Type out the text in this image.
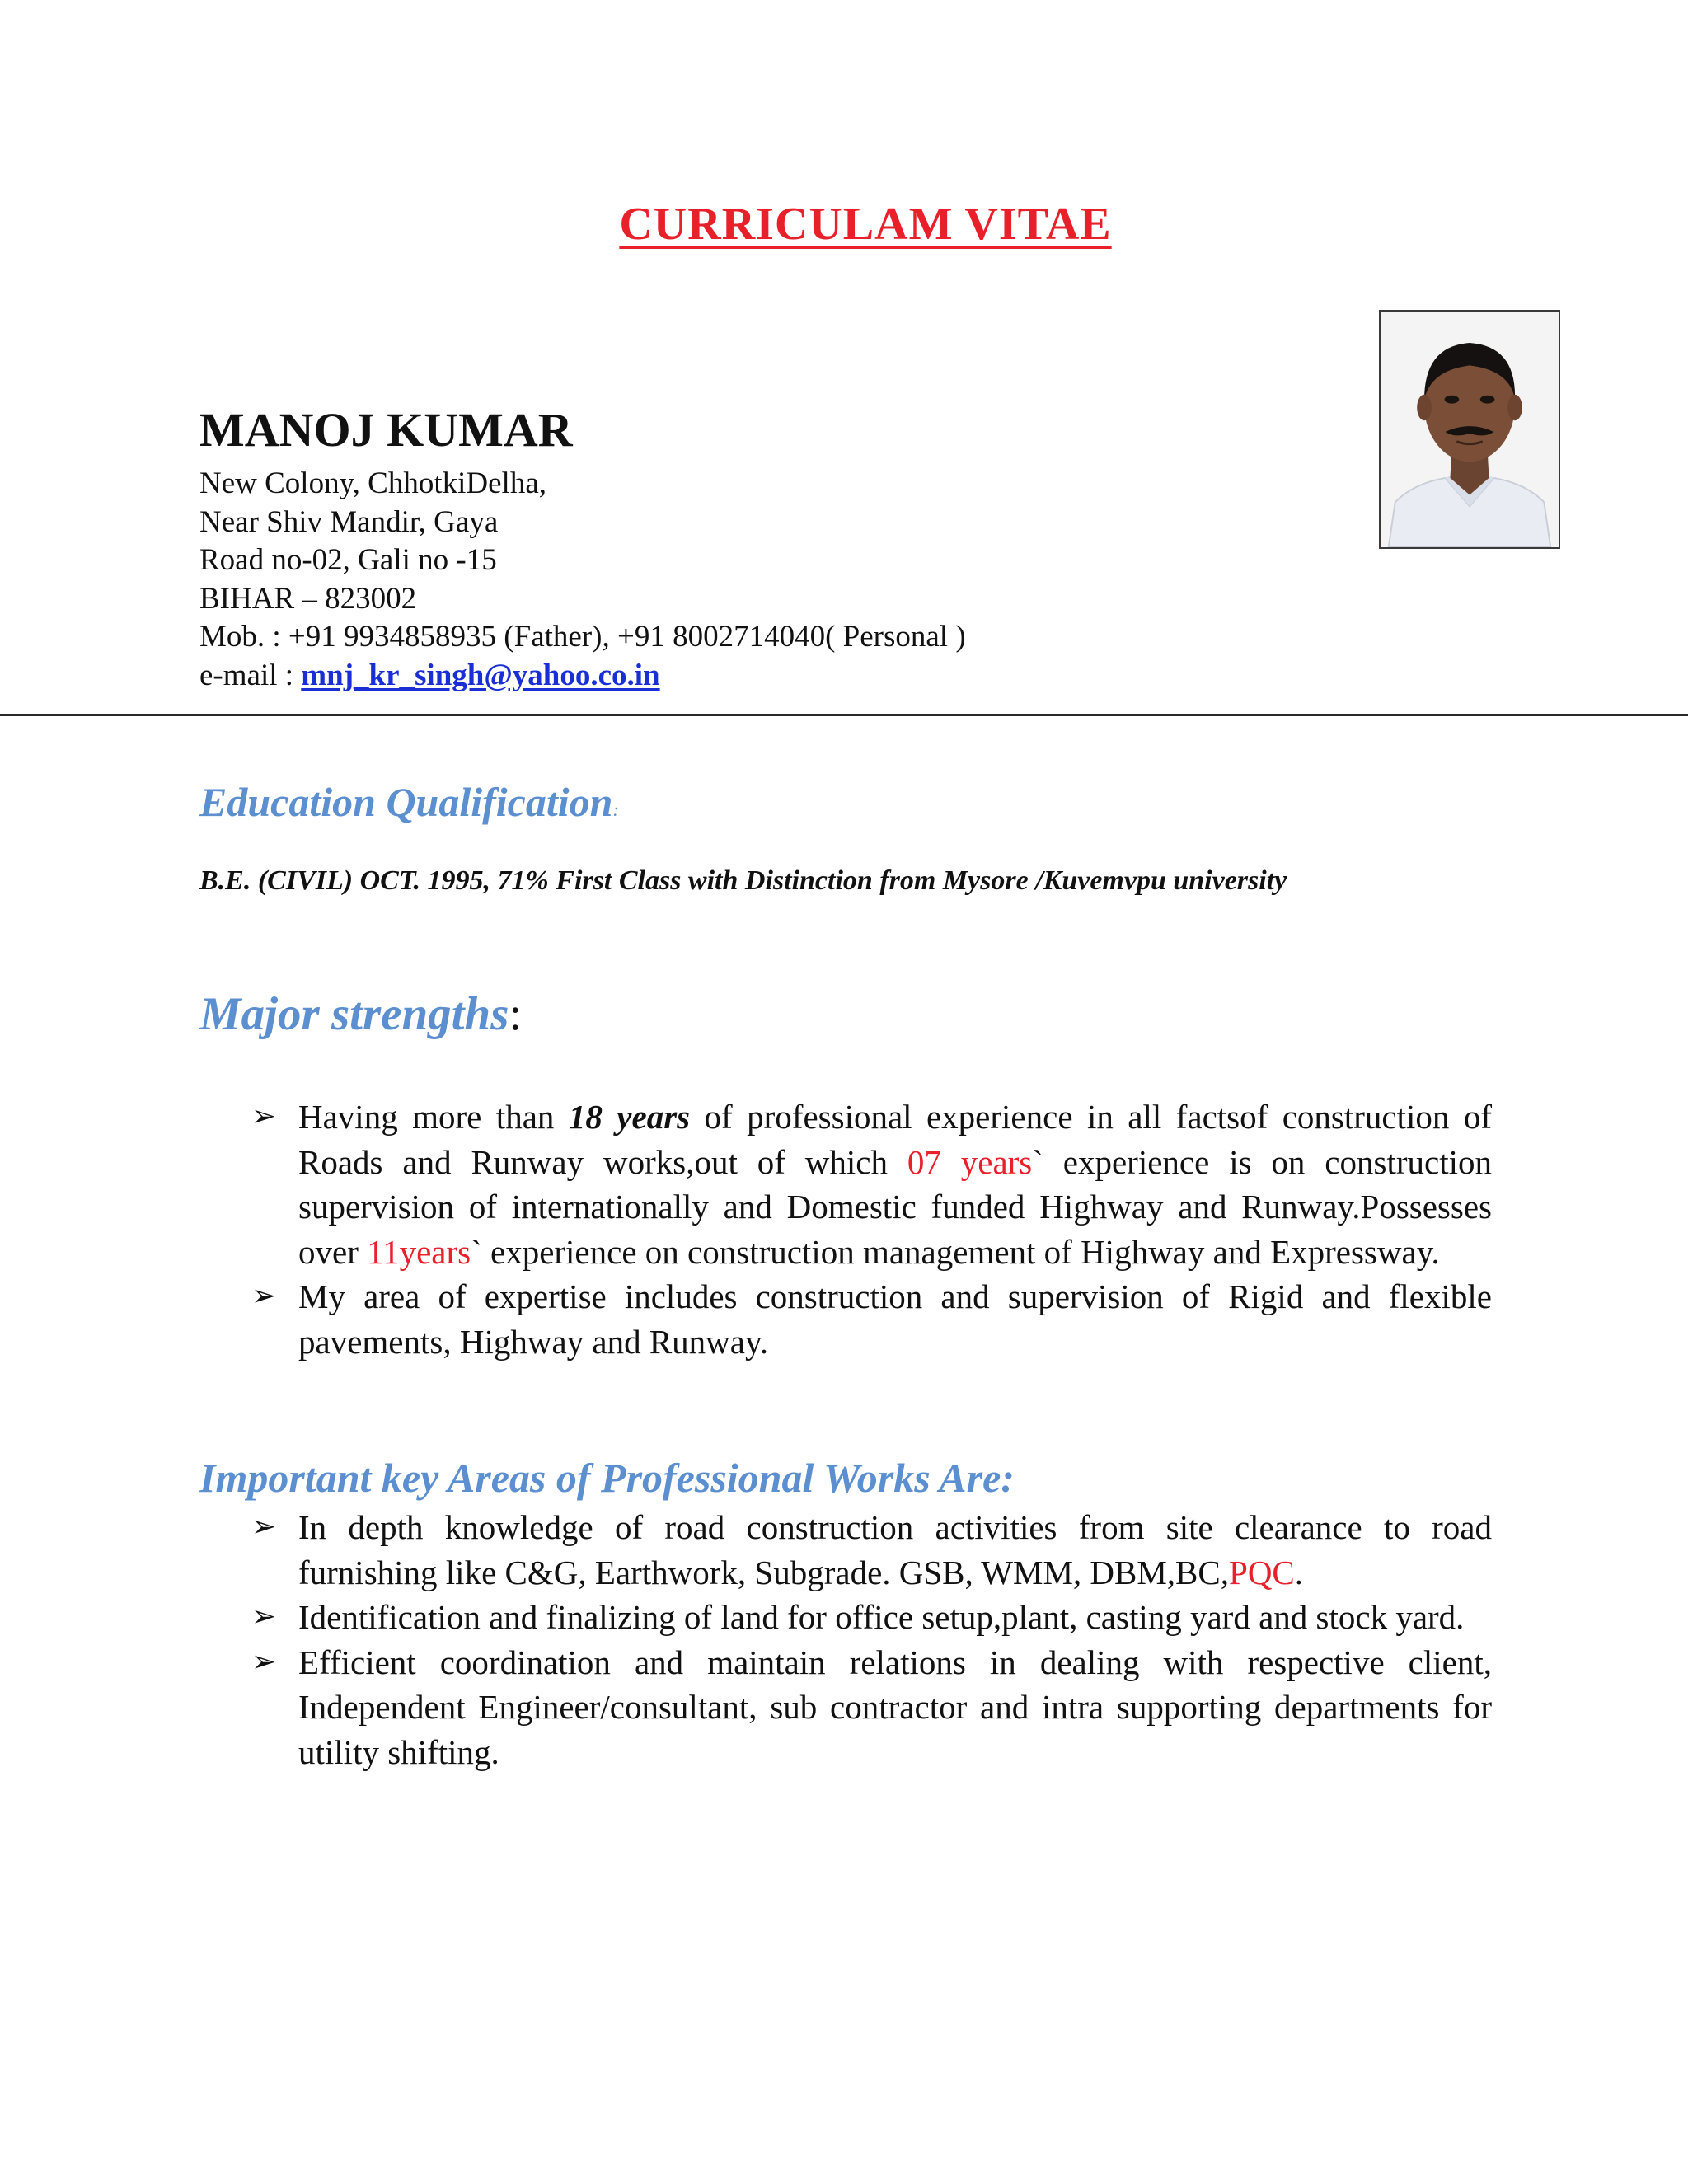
CURRICULAM VITAE
MANOJ KUMAR
New Colony, ChhotkiDelha,
Near Shiv Mandir, Gaya
Road no-02, Gali no -15
BIHAR – 823002
Mob. : +91 9934858935 (Father), +91 8002714040( Personal )
e-mail : mnj_kr_singh@yahoo.co.in
Education Qualification:
B.E. (CIVIL) OCT. 1995, 71% First Class with Distinction from Mysore /Kuvemvpu university
Major strengths:
➢ Having more than 18 years of professional experience in all factsof construction of Roads and Runway works,out of which 07 years` experience is on construction supervision of internationally and Domestic funded Highway and Runway.Possesses over 11years` experience on construction management of Highway and Expressway.
➢ My area of expertise includes construction and supervision of Rigid and flexible pavements, Highway and Runway.
Important key Areas of Professional Works Are:
➢ In depth knowledge of road construction activities from site clearance to road furnishing like C&G, Earthwork, Subgrade. GSB, WMM, DBM,BC,PQC.
➢ Identification and finalizing of land for office setup,plant, casting yard and stock yard.
➢ Efficient coordination and maintain relations in dealing with respective client, Independent Engineer/consultant, sub contractor and intra supporting departments for utility shifting.
